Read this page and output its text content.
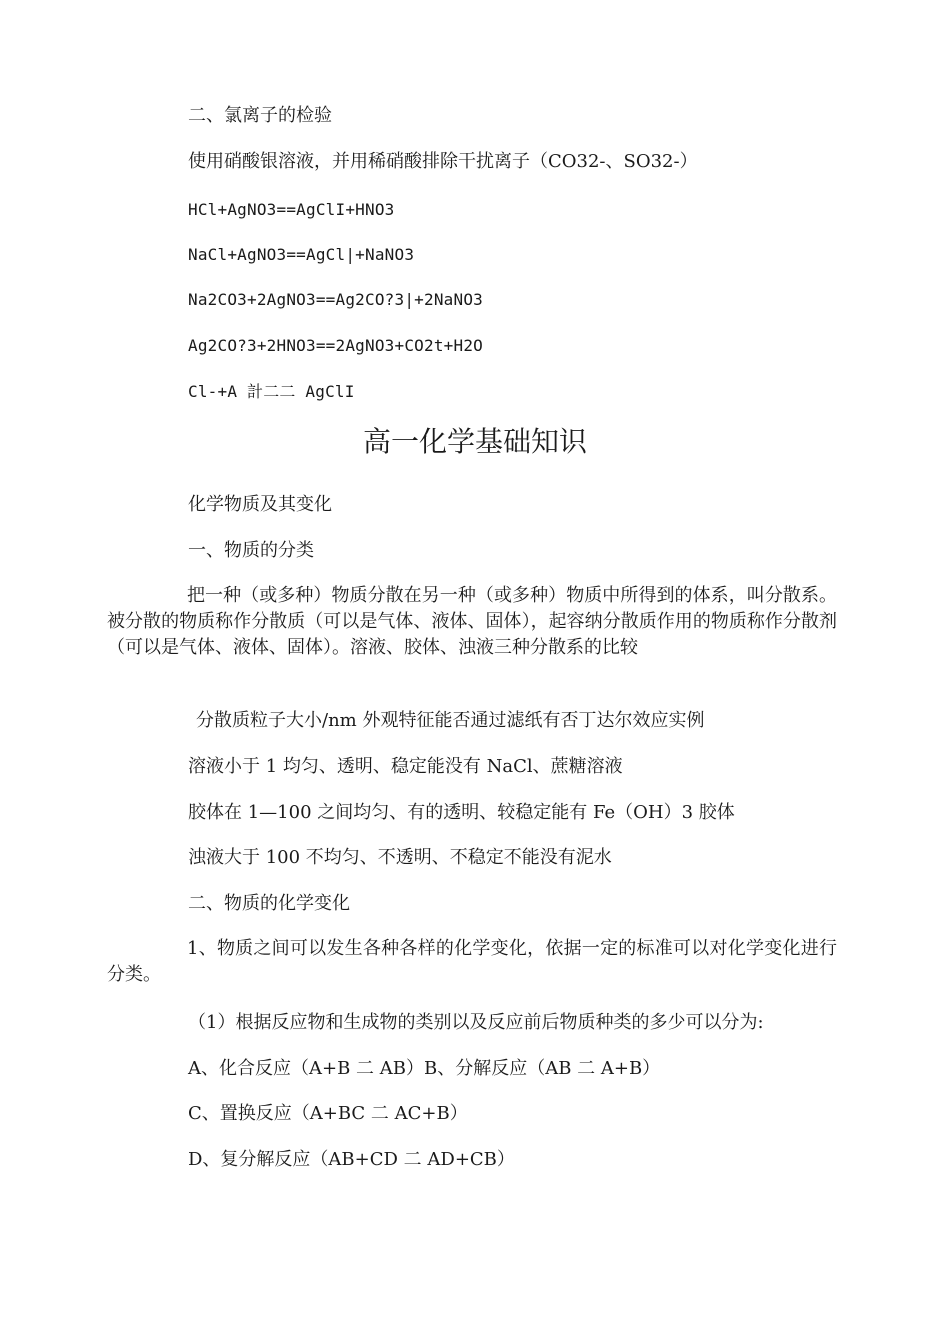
二、氯离子的检验

使用硝酸银溶液，并用稀硝酸排除干扰离子（CO32-、SO32-）

HCl+AgNO3==AgClI+HNO3

NaCl+AgNO3==AgCl|+NaNO3

Na2CO3+2AgNO3==Ag2CO?3|+2NaNO3

Ag2CO?3+2HNO3==2AgNO3+CO2t+H2O

Cl-+A 計二二 AgClI

高一化学基础知识

化学物质及其变化

一、物质的分类

把一种（或多种）物质分散在另一种（或多种）物质中所得到的体系，叫分散系。被分散的物质称作分散质（可以是气体、液体、固体），起容纳分散质作用的物质称作分散剂（可以是气体、液体、固体）。溶液、胶体、浊液三种分散系的比较

分散质粒子大小/nm 外观特征能否通过滤纸有否丁达尔效应实例

溶液小于 1 均匀、透明、稳定能没有 NaCl、蔗糖溶液

胶体在 1—100 之间均匀、有的透明、较稳定能有 Fe（OH）3 胶体

浊液大于 100 不均匀、不透明、不稳定不能没有泥水

二、物质的化学变化

1、物质之间可以发生各种各样的化学变化，依据一定的标准可以对化学变化进行分类。

（1）根据反应物和生成物的类别以及反应前后物质种类的多少可以分为:

A、化合反应（A+B 二 AB）B、分解反应（AB 二 A+B）

C、置换反应（A+BC 二 AC+B）

D、复分解反应（AB+CD 二 AD+CB）
